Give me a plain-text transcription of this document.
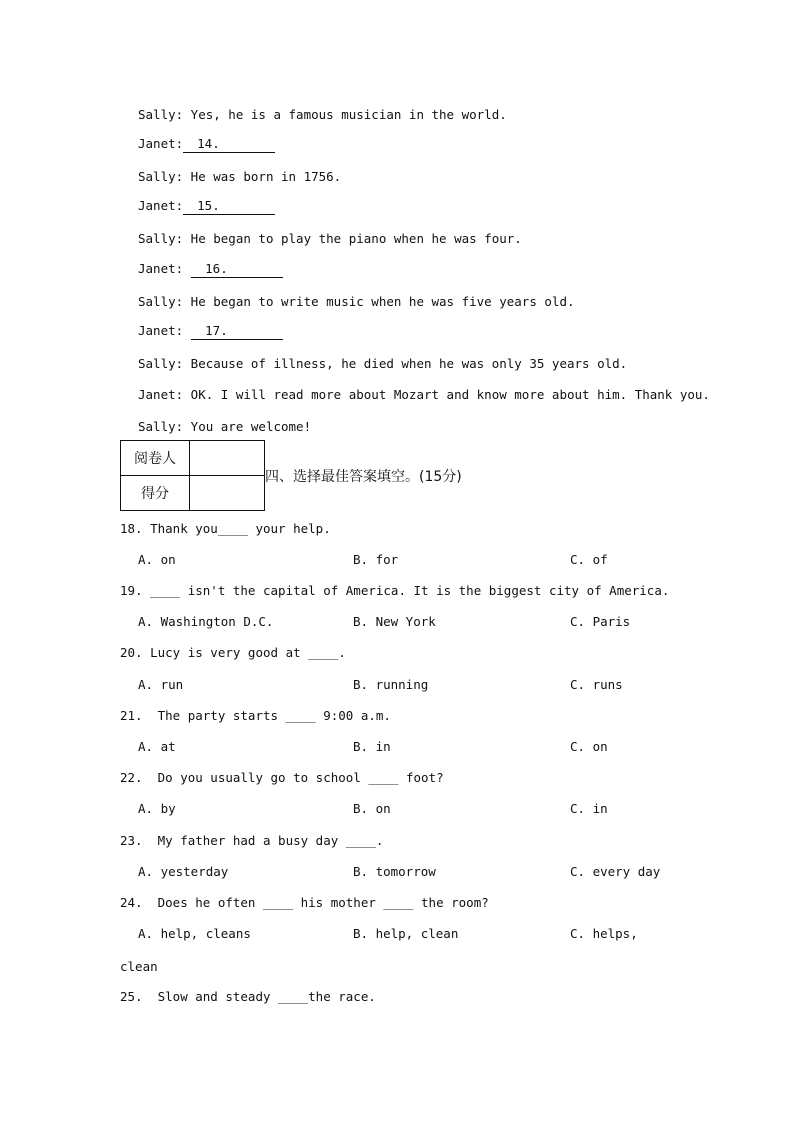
Sally: Yes, he is a famous musician in the world.
Janet: 14.
Sally: He was born in 1756.
Janet: 15.
Sally: He began to play the piano when he was four.
Janet: 16.
Sally: He began to write music when he was five years old.
Janet: 17.
Sally: Because of illness, he died when he was only 35 years old.
Janet: OK. I will read more about Mozart and know more about him. Thank you.
Sally: You are welcome!
阅卷人	
得分	
四、选择最佳答案填空。(15分)
18. Thank you____ your help.
A. on	B. for	C. of
19. ____ isn't the capital of America. It is the biggest city of America.
A. Washington D.C.	B. New York	C. Paris
20. Lucy is very good at ____.
A. run	B. running	C. runs
21.  The party starts ____ 9:00 a.m.
A. at	B. in	C. on
22.  Do you usually go to school ____ foot?
A. by	B. on	C. in
23.  My father had a busy day ____.
A. yesterday	B. tomorrow	C. every day
24.  Does he often ____ his mother ____ the room?
A. help, cleans	B. help, clean	C. helps,
clean
25.  Slow and steady ____the race.
